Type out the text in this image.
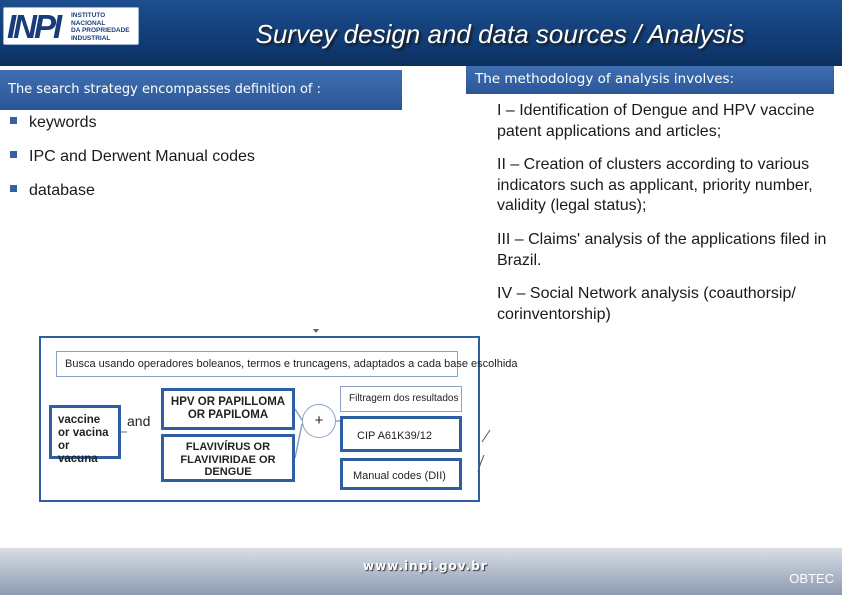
INPI INSTITUTO
NACIONAL
DA PROPRIEDADE
INDUSTRIAL	Survey design and data sources / Analysis
The search strategy encompasses definition of :
The methodology of analysis involves:
keywords
IPC and Derwent Manual codes
database
I – Identification of Dengue and HPV vaccine patent applications and articles;
II – Creation of clusters according to various indicators such as applicant, priority number, validity (legal status);
III – Claims' analysis of the applications filed in Brazil.
IV – Social Network analysis (coauthorsip/ corinventorship)
Busca usando operadores boleanos, termos e truncagens, adaptados a cada base escolhida
vaccine or vacina or vacuna
and
HPV OR PAPILLOMA OR PAPILOMA
FLAVIVÍRUS OR FLAVIVIRIDAE OR DENGUE
+
Filtragem dos resultados
CIP A61K39/12
Manual codes (DII)
www.inpi.gov.br
OBTEC
